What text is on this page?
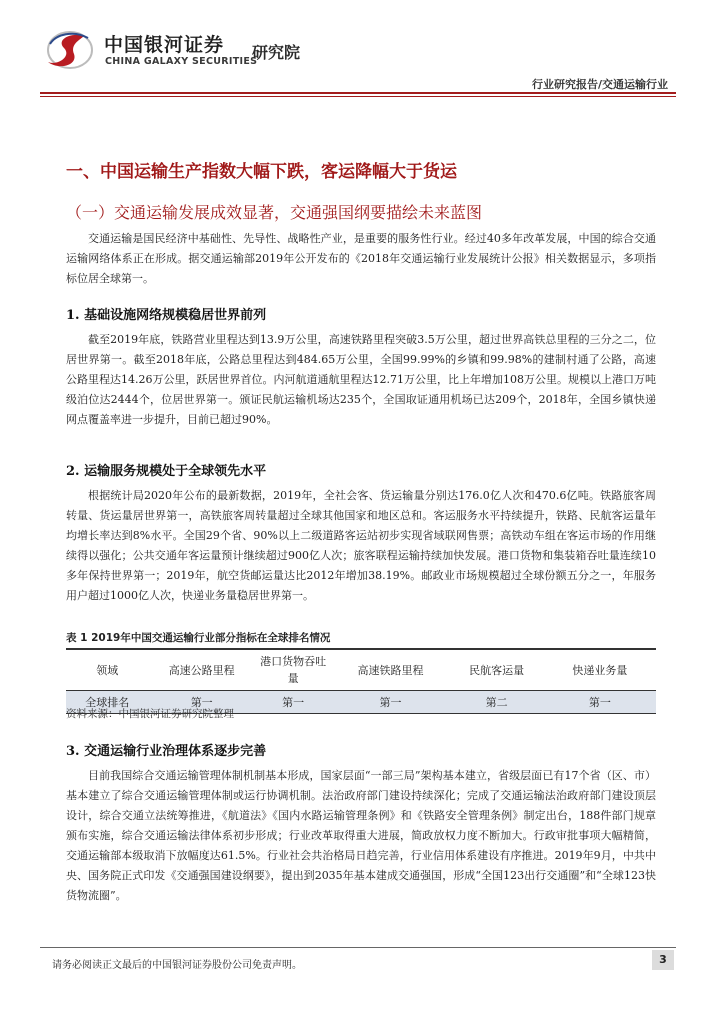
中国银河证券
CHINA GALAXY SECURITIES
研究院
行业研究报告/交通运输行业
一、中国运输生产指数大幅下跌，客运降幅大于货运
（一）交通运输发展成效显著，交通强国纲要描绘未来蓝图
交通运输是国民经济中基础性、先导性、战略性产业，是重要的服务性行业。经过40多年改革发展，中国的综合交通运输网络体系正在形成。据交通运输部2019年公开发布的《2018年交通运输行业发展统计公报》相关数据显示，多项指标位居全球第一。
1. 基础设施网络规模稳居世界前列
截至2019年底，铁路营业里程达到13.9万公里，高速铁路里程突破3.5万公里，超过世界高铁总里程的三分之二，位居世界第一。截至2018年底，公路总里程达到484.65万公里，全国99.99%的乡镇和99.98%的建制村通了公路，高速公路里程达14.26万公里，跃居世界首位。内河航道通航里程达12.71万公里，比上年增加108万公里。规模以上港口万吨级泊位达2444个，位居世界第一。颁证民航运输机场达235个，全国取证通用机场已达209个，2018年，全国乡镇快递网点覆盖率进一步提升，目前已超过90%。
2. 运输服务规模处于全球领先水平
根据统计局2020年公布的最新数据，2019年，全社会客、货运输量分别达176.0亿人次和470.6亿吨。铁路旅客周转量、货运量居世界第一，高铁旅客周转量超过全球其他国家和地区总和。客运服务水平持续提升，铁路、民航客运量年均增长率达到8%水平。全国29个省、90%以上二级道路客运站初步实现省域联网售票；高铁动车组在客运市场的作用继续得以强化；公共交通年客运量预计继续超过900亿人次；旅客联程运输持续加快发展。港口货物和集装箱吞吐量连续10多年保持世界第一；2019年，航空货邮运量达比2012年增加38.19%。邮政业市场规模超过全球份额五分之一，年服务用户超过1000亿人次，快递业务量稳居世界第一。
表 1 2019年中国交通运输行业部分指标在全球排名情况
领域	高速公路里程	港口货物吞吐量	高速铁路里程	民航客运量	快递业务量
全球排名	第一	第一	第一	第二	第一
资料来源：中国银河证券研究院整理
3. 交通运输行业治理体系逐步完善
目前我国综合交通运输管理体制机制基本形成，国家层面“一部三局”架构基本建立，省级层面已有17个省（区、市）基本建立了综合交通运输管理体制或运行协调机制。法治政府部门建设持续深化；完成了交通运输法治政府部门建设顶层设计，综合交通立法统筹推进，《航道法》《国内水路运输管理条例》和《铁路安全管理条例》制定出台，188件部门规章颁布实施，综合交通运输法律体系初步形成；行业改革取得重大进展，简政放权力度不断加大。行政审批事项大幅精简，交通运输部本级取消下放幅度达61.5%。行业社会共治格局日趋完善，行业信用体系建设有序推进。2019年9月，中共中央、国务院正式印发《交通强国建设纲要》，提出到2035年基本建成交通强国，形成“全国123出行交通圈”和“全球123快货物流圈”。
请务必阅读正文最后的中国银河证券股份公司免责声明。	3
